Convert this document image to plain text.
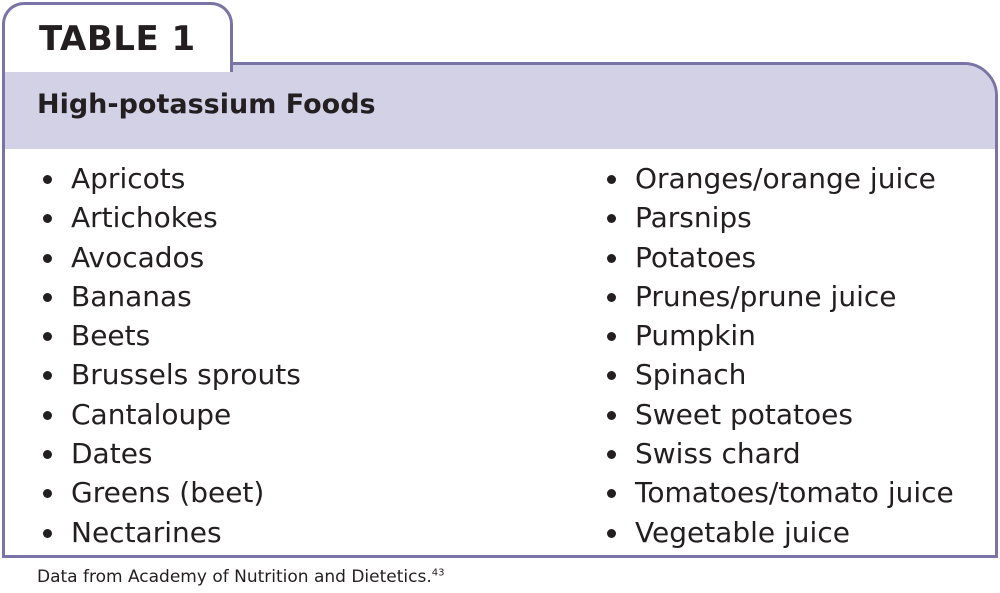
TABLE 1
High-potassium Foods
Apricots
Artichokes
Avocados
Bananas
Beets
Brussels sprouts
Cantaloupe
Dates
Greens (beet)
Nectarines
Oranges/orange juice
Parsnips
Potatoes
Prunes/prune juice
Pumpkin
Spinach
Sweet potatoes
Swiss chard
Tomatoes/tomato juice
Vegetable juice
Data from Academy of Nutrition and Dietetics.$^{43}$
